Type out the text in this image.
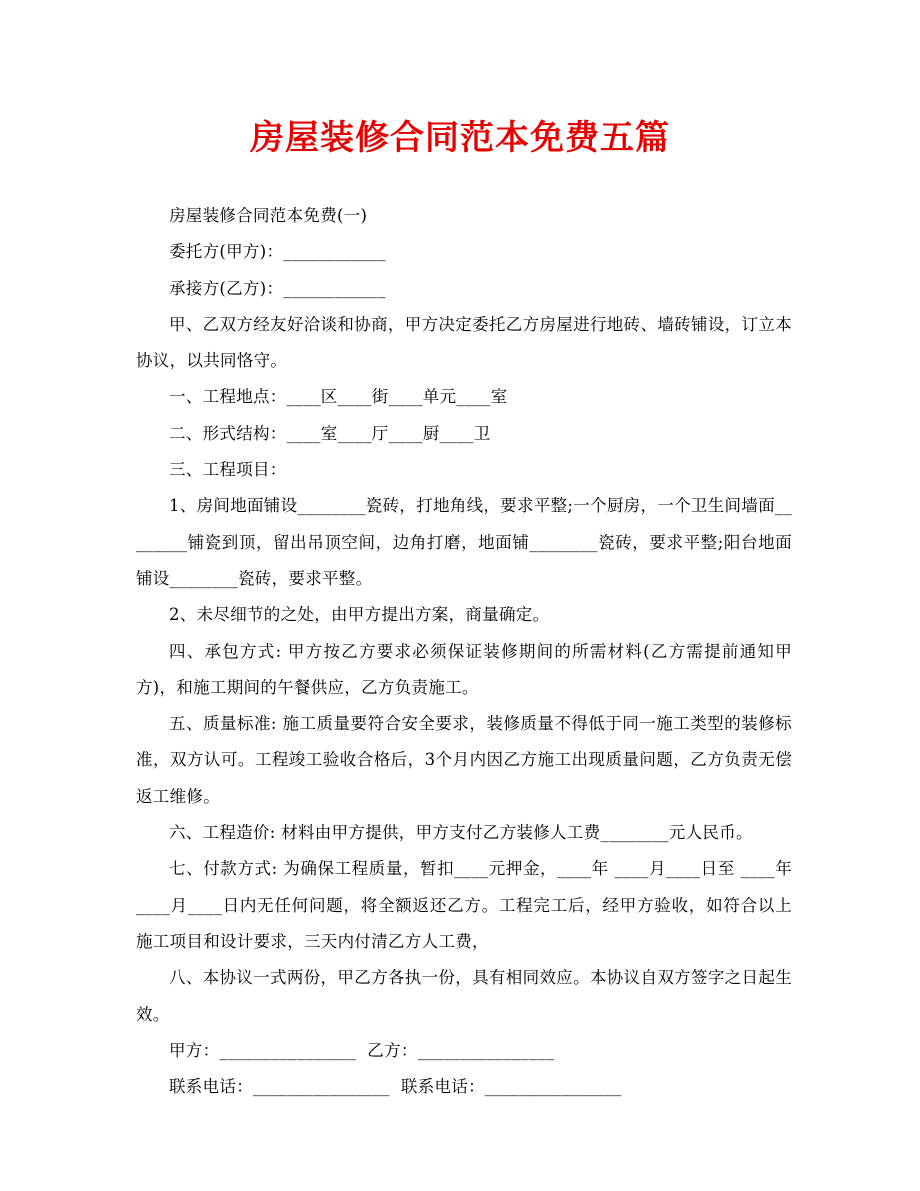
房屋装修合同范本免费五篇

房屋装修合同范本免费(一)

委托方(甲方)：____________

承接方(乙方)：____________

甲、乙双方经友好洽谈和协商，甲方决定委托乙方房屋进行地砖、墙砖铺设，订立本协议，以共同恪守。

一、工程地点：____区____街____单元____室

二、形式结构：____室____厅____厨____卫

三、工程项目：

1、房间地面铺设________瓷砖，打地角线，要求平整;一个厨房，一个卫生间墙面________铺瓷到顶，留出吊顶空间，边角打磨，地面铺________瓷砖，要求平整;阳台地面铺设________瓷砖，要求平整。

2、未尽细节的之处，由甲方提出方案，商量确定。

四、承包方式: 甲方按乙方要求必须保证装修期间的所需材料(乙方需提前通知甲方)，和施工期间的午餐供应，乙方负责施工。

五、质量标准: 施工质量要符合安全要求，装修质量不得低于同一施工类型的装修标准，双方认可。工程竣工验收合格后，3个月内因乙方施工出现质量问题，乙方负责无偿返工维修。

六、工程造价: 材料由甲方提供，甲方支付乙方装修人工费________元人民币。

七、付款方式: 为确保工程质量，暂扣____元押金，____年 ____月____日至 ____年 ____月____日内无任何问题，将全额返还乙方。工程完工后，经甲方验收，如符合以上施工项目和设计要求，三天内付清乙方人工费，

八、本协议一式两份，甲乙方各执一份，具有相同效应。本协议自双方签字之日起生效。

甲方：________________  乙方：________________

联系电话：________________  联系电话：________________
